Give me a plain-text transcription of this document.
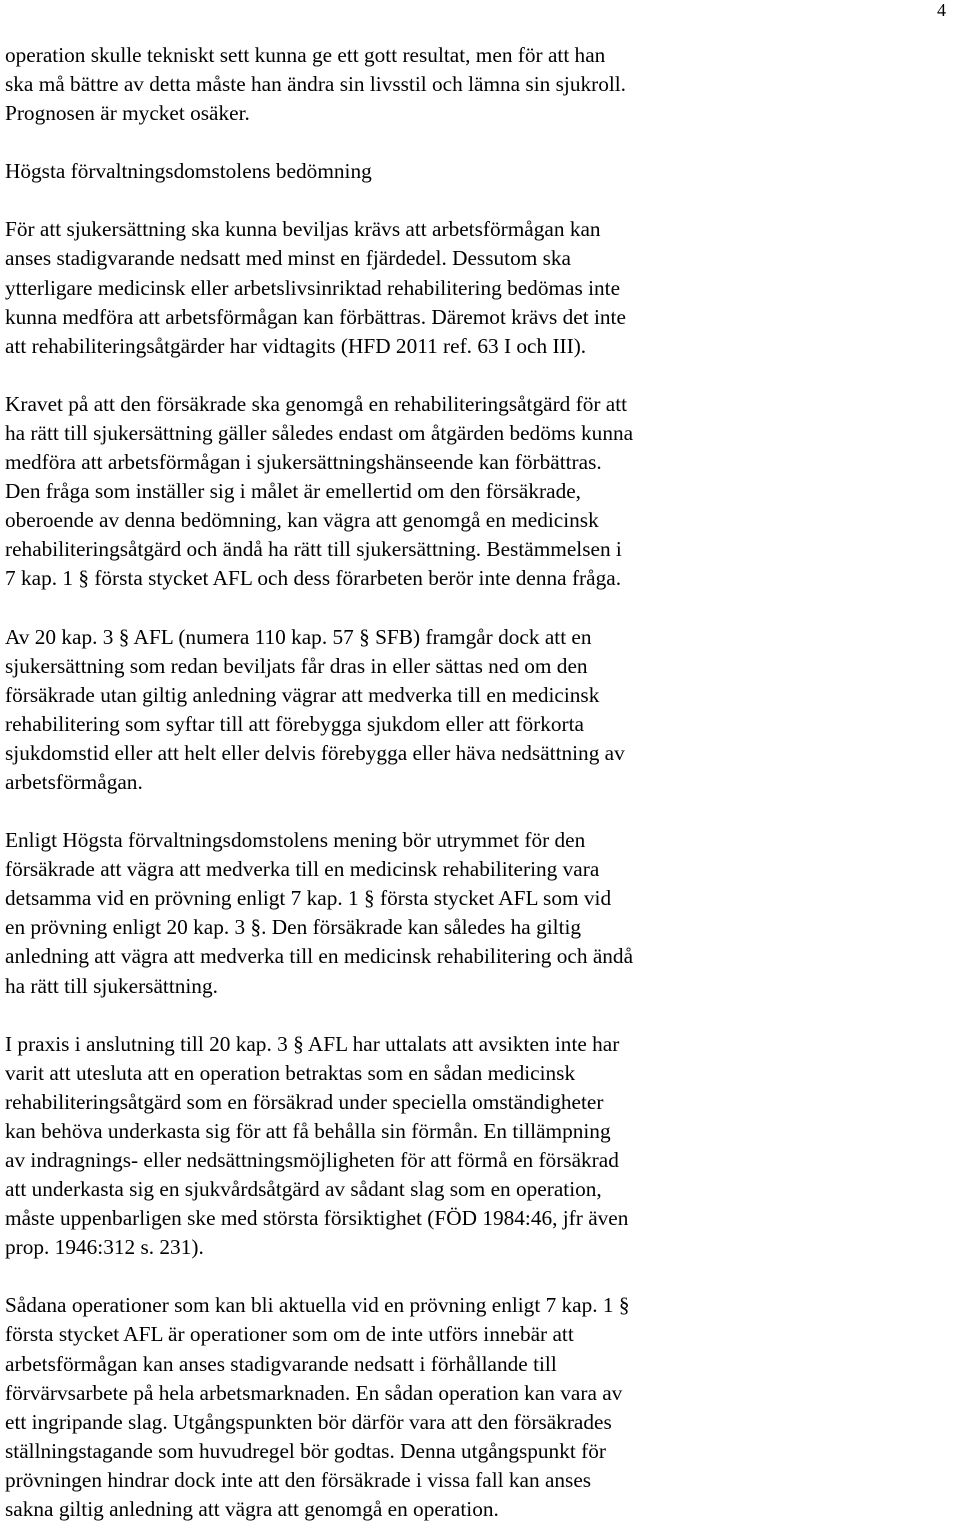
4

operation skulle tekniskt sett kunna ge ett gott resultat, men för att han
ska må bättre av detta måste han ändra sin livsstil och lämna sin sjukroll.
Prognosen är mycket osäker.

Högsta förvaltningsdomstolens bedömning

För att sjukersättning ska kunna beviljas krävs att arbetsförmågan kan
anses stadigvarande nedsatt med minst en fjärdedel. Dessutom ska
ytterligare medicinsk eller arbetslivsinriktad rehabilitering bedömas inte
kunna medföra att arbetsförmågan kan förbättras. Däremot krävs det inte
att rehabiliteringsåtgärder har vidtagits (HFD 2011 ref. 63 I och III).

Kravet på att den försäkrade ska genomgå en rehabiliteringsåtgärd för att
ha rätt till sjukersättning gäller således endast om åtgärden bedöms kunna
medföra att arbetsförmågan i sjukersättningshänseende kan förbättras.
Den fråga som inställer sig i målet är emellertid om den försäkrade,
oberoende av denna bedömning, kan vägra att genomgå en medicinsk
rehabiliteringsåtgärd och ändå ha rätt till sjukersättning. Bestämmelsen i
7 kap. 1 § första stycket AFL och dess förarbeten berör inte denna fråga.

Av 20 kap. 3 § AFL (numera 110 kap. 57 § SFB) framgår dock att en
sjukersättning som redan beviljats får dras in eller sättas ned om den
försäkrade utan giltig anledning vägrar att medverka till en medicinsk
rehabilitering som syftar till att förebygga sjukdom eller att förkorta
sjukdomstid eller att helt eller delvis förebygga eller häva nedsättning av
arbetsförmågan.

Enligt Högsta förvaltningsdomstolens mening bör utrymmet för den
försäkrade att vägra att medverka till en medicinsk rehabilitering vara
detsamma vid en prövning enligt 7 kap. 1 § första stycket AFL som vid
en prövning enligt 20 kap. 3 §. Den försäkrade kan således ha giltig
anledning att vägra att medverka till en medicinsk rehabilitering och ändå
ha rätt till sjukersättning.

I praxis i anslutning till 20 kap. 3 § AFL har uttalats att avsikten inte har
varit att utesluta att en operation betraktas som en sådan medicinsk
rehabiliteringsåtgärd som en försäkrad under speciella omständigheter
kan behöva underkasta sig för att få behålla sin förmån. En tillämpning
av indragnings- eller nedsättningsmöjligheten för att förmå en försäkrad
att underkasta sig en sjukvårdsåtgärd av sådant slag som en operation,
måste uppenbarligen ske med största försiktighet (FÖD 1984:46, jfr även
prop. 1946:312 s. 231).

Sådana operationer som kan bli aktuella vid en prövning enligt 7 kap. 1 §
första stycket AFL är operationer som om de inte utförs innebär att
arbetsförmågan kan anses stadigvarande nedsatt i förhållande till
förvärvsarbete på hela arbetsmarknaden. En sådan operation kan vara av
ett ingripande slag. Utgångspunkten bör därför vara att den försäkrades
ställningstagande som huvudregel bör godtas. Denna utgångspunkt för
prövningen hindrar dock inte att den försäkrade i vissa fall kan anses
sakna giltig anledning att vägra att genomgå en operation.
